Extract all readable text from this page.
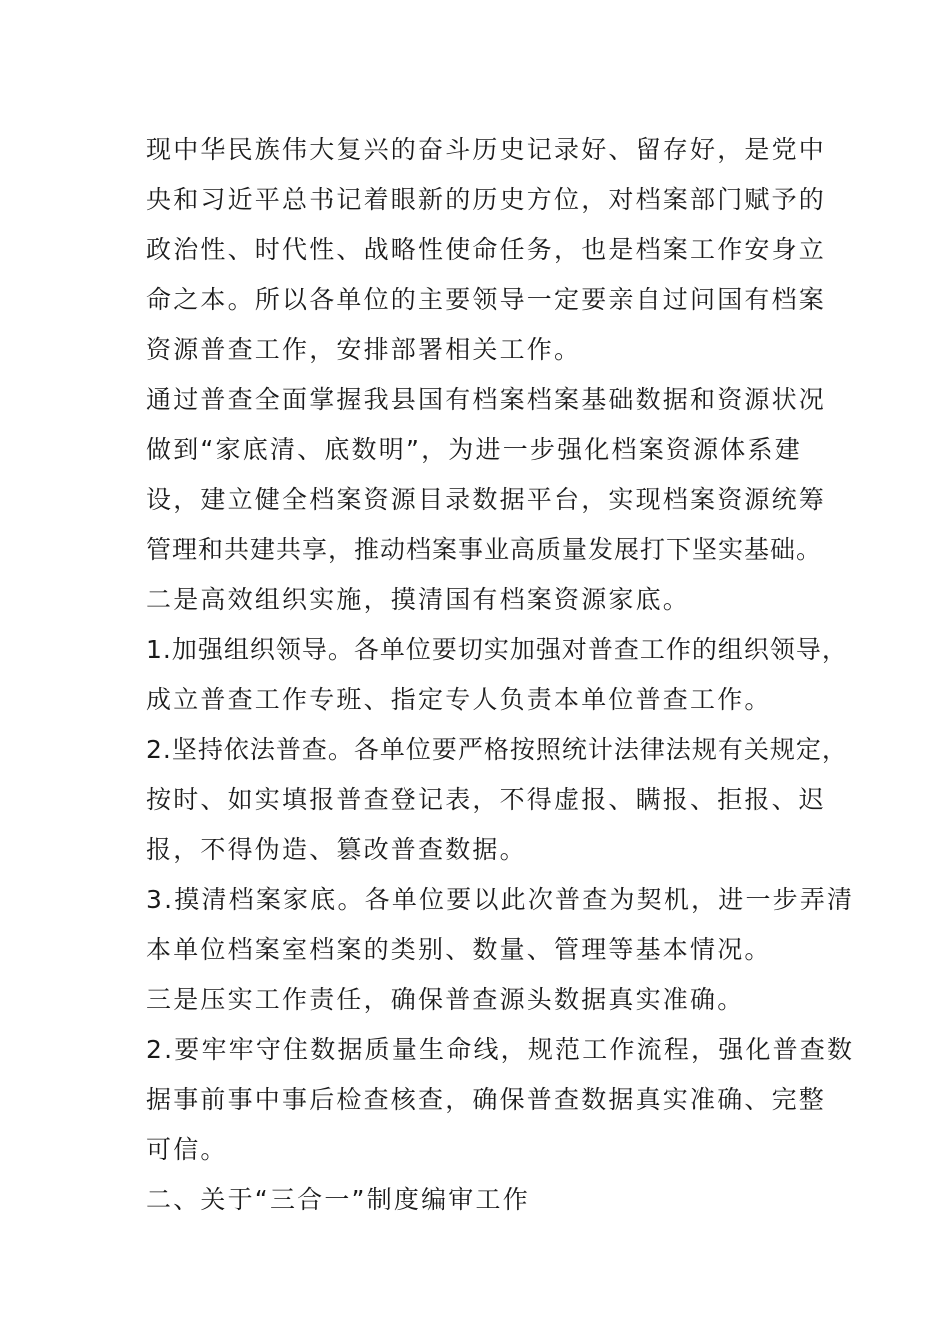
现中华民族伟大复兴的奋斗历史记录好、留存好，是党中
央和习近平总书记着眼新的历史方位，对档案部门赋予的
政治性、时代性、战略性使命任务，也是档案工作安身立
命之本。所以各单位的主要领导一定要亲自过问国有档案
资源普查工作，安排部署相关工作。
通过普查全面掌握我县国有档案档案基础数据和资源状况
做到“家底清、底数明”，为进一步强化档案资源体系建
设，建立健全档案资源目录数据平台，实现档案资源统筹
管理和共建共享，推动档案事业高质量发展打下坚实基础。
二是高效组织实施，摸清国有档案资源家底。
1.加强组织领导。各单位要切实加强对普查工作的组织领导，
成立普查工作专班、指定专人负责本单位普查工作。
2.坚持依法普查。各单位要严格按照统计法律法规有关规定，
按时、如实填报普查登记表，不得虚报、瞒报、拒报、迟
报，不得伪造、篡改普查数据。
3.摸清档案家底。各单位要以此次普查为契机，进一步弄清
本单位档案室档案的类别、数量、管理等基本情况。
三是压实工作责任，确保普查源头数据真实准确。
2.要牢牢守住数据质量生命线，规范工作流程，强化普查数
据事前事中事后检查核查，确保普查数据真实准确、完整
可信。
二、关于“三合一”制度编审工作
